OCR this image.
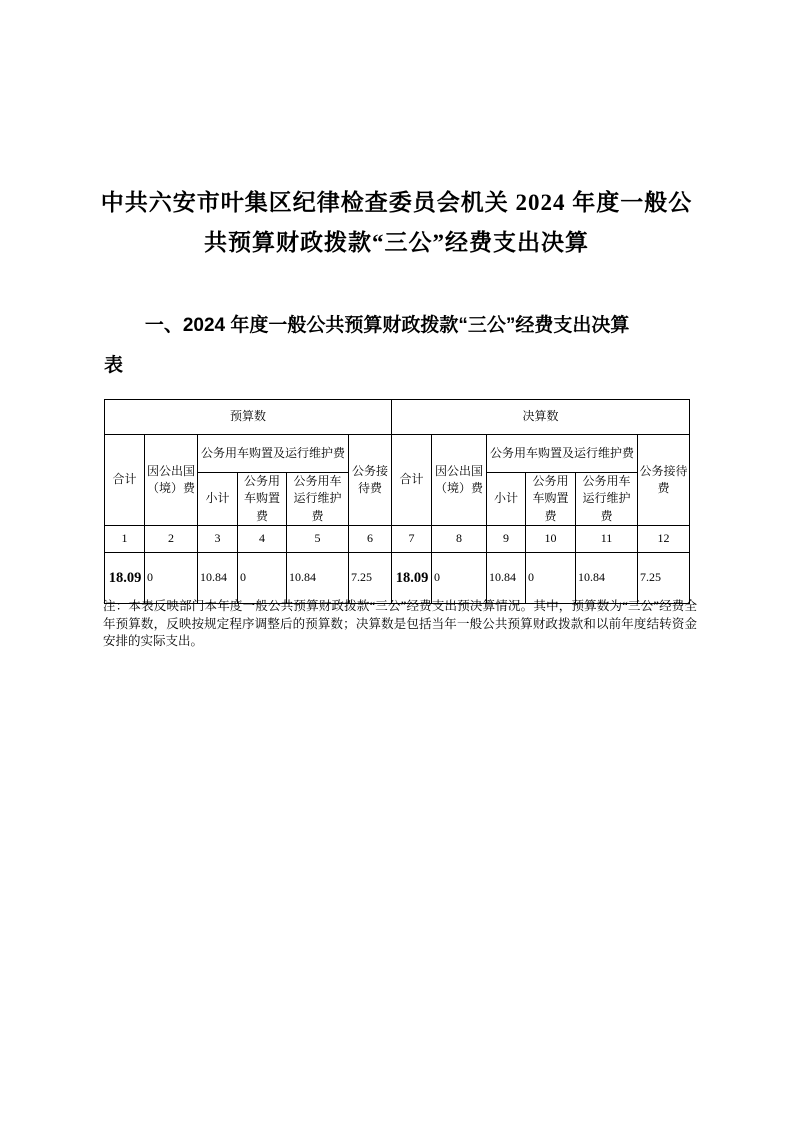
中共六安市叶集区纪律检查委员会机关 2024 年度一般公
共预算财政拨款“三公”经费支出决算
一、2024 年度一般公共预算财政拨款“三公”经费支出决算
表
预算数						决算数					
合计	因公出国（境）费	公务用车购置及运行维护费			公务接待费	合计	因公出国（境）费	公务用车购置及运行维护费			公务接待费
		小计	公务用车购置费	公务用车运行维护费				小计	公务用车购置费	公务用车运行维护费	
1	2	3	4	5	6	7	8	9	10	11	12
18.09	0	10.84	0	10.84	7.25	18.09	0	10.84	0	10.84	7.25
注：本表反映部门本年度一般公共预算财政拨款“三公”经费支出预决算情况。其中，预算数为“三公”经费全年预算数，反映按规定程序调整后的预算数；决算数是包括当年一般公共预算财政拨款和以前年度结转资金安排的实际支出。
